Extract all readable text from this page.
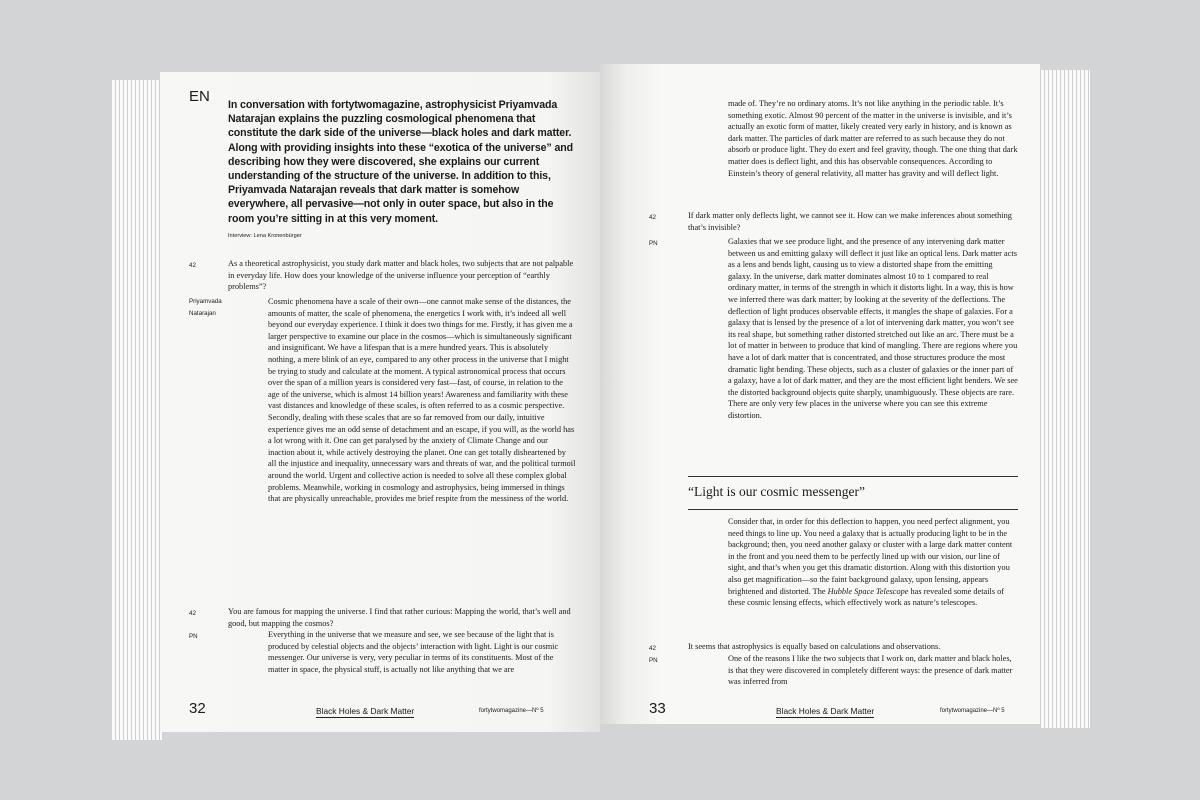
EN In conversation with fortytwomagazine, astrophysicist Priyamvada Natarajan explains the puzzling cosmological phenomena that constitute the dark side of the universe—black holes and dark matter. Along with providing insights into these “exotica of the universe” and describing how they were discovered, she explains our current understanding of the structure of the universe. In addition to this, Priyamvada Natarajan reveals that dark matter is somehow everywhere, all pervasive—not only in outer space, but also in the room you’re sitting in at this very moment.

Interview: Lena Kronenbürger
42	As a theoretical astrophysicist, you study dark matter and black holes, two subjects that are not palpable in everyday life. How does your knowledge of the universe influence your perception of “earthly problems”?

Priyamvada
Natarajan

Cosmic phenomena have a scale of their own—one cannot make sense of the distances, the amounts of matter, the scale of phenomena, the energetics I work with, it’s indeed all well beyond our everyday experience. I think it does two things for me. Firstly, it has given me a larger perspective to examine our place in the cosmos—which is simultaneously significant and insignificant. We have a lifespan that is a mere hundred years. This is absolutely nothing, a mere blink of an eye, compared to any other process in the universe that I might be trying to study and calculate at the moment. A typical astronomical process that occurs over the span of a million years is considered very fast—fast, of course, in relation to the age of the universe, which is almost 14 billion years! Awareness and familiarity with these vast distances and knowledge of these scales, is often referred to as a cosmic perspective. Secondly, dealing with these scales that are so far removed from our daily, intuitive experience gives me an odd sense of detachment and an escape, if you will, as the world has a lot wrong with it. One can get paralysed by the anxiety of Climate Change and our inaction about it, while actively destroying the planet. One can get totally disheartened by all the injustice and inequality, unnecessary wars and threats of war, and the political turmoil around the world. Urgent and collective action is needed to solve all these complex global problems. Meanwhile, working in cosmology and astrophysics, being immersed in things that are physically unreachable, provides me brief respite from the messiness of the world.

42	You are famous for mapping the universe. I find that rather curious: Mapping the world, that’s well and good, but mapping the cosmos?

PN	Everything in the universe that we measure and see, we see because of the light that is produced by celestial objects and the objects’ interaction with light. Light is our cosmic messenger. Our universe is very, very peculiar in terms of its constituents. Most of the matter in space, the physical stuff, is actually not like anything that we are

32	Black Holes & Dark Matter	fortytwomagazine—Nº 5

made of. They’re no ordinary atoms. It’s not like anything in the periodic table. It’s something exotic. Almost 90 percent of the matter in the universe is invisible, and it’s actually an exotic form of matter, likely created very early in history, and is known as dark matter. The particles of dark matter are referred to as such because they do not absorb or produce light. They do exert and feel gravity, though. The one thing that dark matter does is deflect light, and this has observable consequences. According to Einstein’s theory of general relativity, all matter has gravity and will deflect light.

42	If dark matter only deflects light, we cannot see it. How can we make inferences about something that’s invisible?

PN	Galaxies that we see produce light, and the presence of any intervening dark matter between us and emitting galaxy will deflect it just like an optical lens. Dark matter acts as a lens and bends light, causing us to view a distorted shape from the emitting galaxy. In the universe, dark matter dominates almost 10 to 1 compared to real ordinary matter, in terms of the strength in which it distorts light. In a way, this is how we inferred there was dark matter; by looking at the severity of the deflections. The deflection of light produces observable effects, it mangles the shape of galaxies. For a galaxy that is lensed by the presence of a lot of intervening dark matter, you won’t see its real shape, but something rather distorted stretched out like an arc. There must be a lot of matter in between to produce that kind of mangling. There are regions where you have a lot of dark matter that is concentrated, and those structures produce the most dramatic light bending. These objects, such as a cluster of galaxies or the inner part of a galaxy, have a lot of dark matter, and they are the most efficient light benders. We see the distorted background objects quite sharply, unambiguously. These objects are rare. There are only very few places in the universe where you can see this extreme distortion.

“Light is our cosmic messenger”

Consider that, in order for this deflection to happen, you need perfect alignment, you need things to line up. You need a galaxy that is actually producing light to be in the background; then, you need another galaxy or cluster with a large dark matter content in the front and you need them to be perfectly lined up with our vision, our line of sight, and that’s when you get this dramatic distortion. Along with this distortion you also get magnification—so the faint background galaxy, upon lensing, appears brightened and distorted. The Hubble Space Telescope has revealed some details of these cosmic lensing effects, which effectively work as nature’s telescopes.

42	It seems that astrophysics is equally based on calculations and observations.

PN	One of the reasons I like the two subjects that I work on, dark matter and black holes, is that they were discovered in completely different ways: the presence of dark matter was inferred from

33	Black Holes & Dark Matter	fortytwomagazine—Nº 5
